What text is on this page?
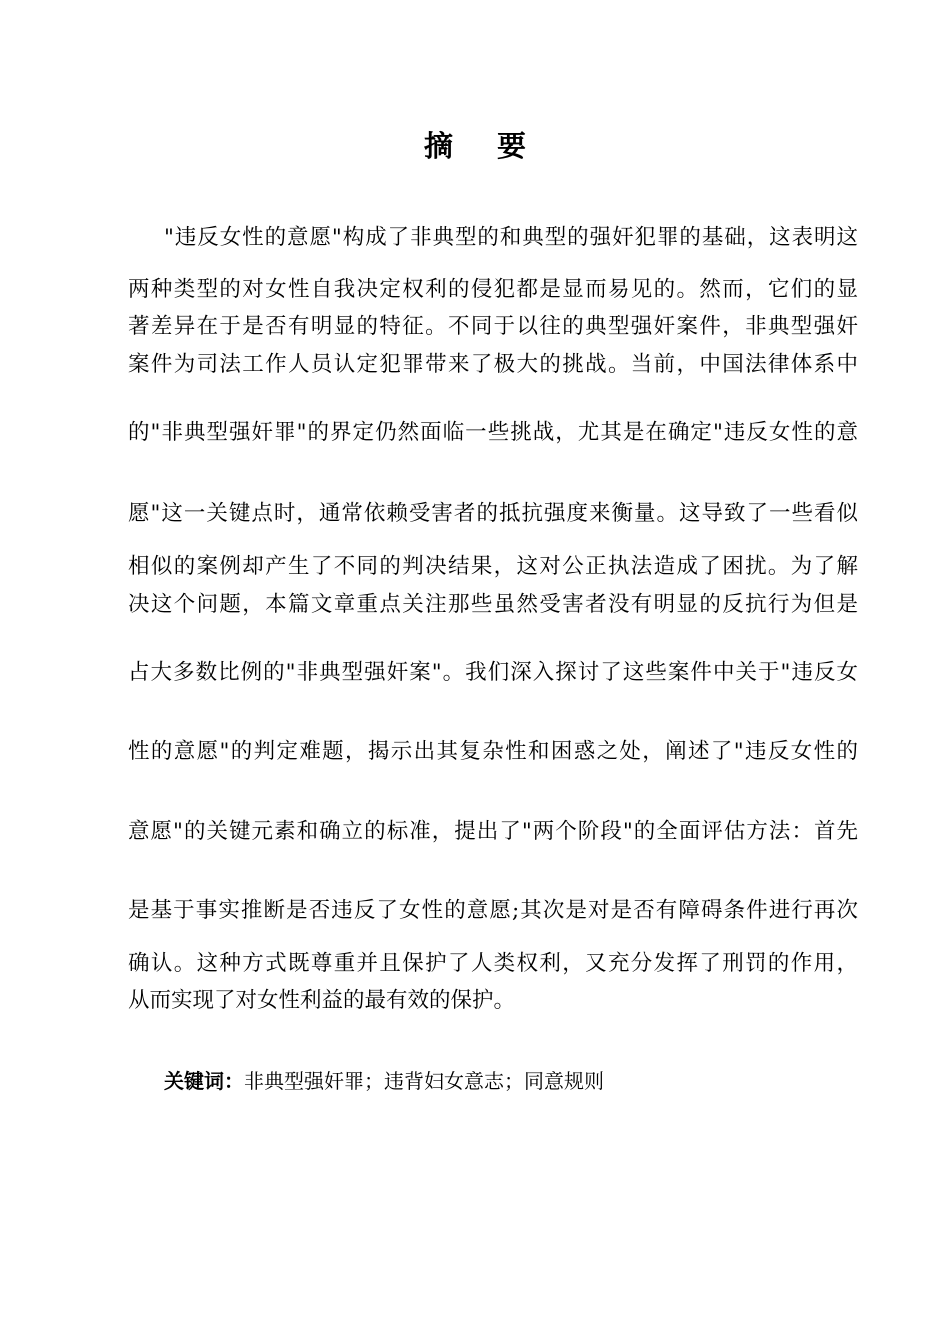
摘 要
"违反女性的意愿"构成了非典型的和典型的强奸犯罪的基础，这表明这
两种类型的对女性自我决定权利的侵犯都是显而易见的。然而，它们的显
著差异在于是否有明显的特征。不同于以往的典型强奸案件，非典型强奸
案件为司法工作人员认定犯罪带来了极大的挑战。当前，中国法律体系中
的"非典型强奸罪"的界定仍然面临一些挑战，尤其是在确定"违反女性的意
愿"这一关键点时，通常依赖受害者的抵抗强度来衡量。这导致了一些看似
相似的案例却产生了不同的判决结果，这对公正执法造成了困扰。为了解
决这个问题，本篇文章重点关注那些虽然受害者没有明显的反抗行为但是
占大多数比例的"非典型强奸案"。我们深入探讨了这些案件中关于"违反女
性的意愿"的判定难题，揭示出其复杂性和困惑之处，阐述了"违反女性的
意愿"的关键元素和确立的标准，提出了"两个阶段"的全面评估方法：首先
是基于事实推断是否违反了女性的意愿;其次是对是否有障碍条件进行再次
确认。这种方式既尊重并且保护了人类权利，又充分发挥了刑罚的作用，
从而实现了对女性利益的最有效的保护。
关键词：非典型强奸罪；违背妇女意志；同意规则
